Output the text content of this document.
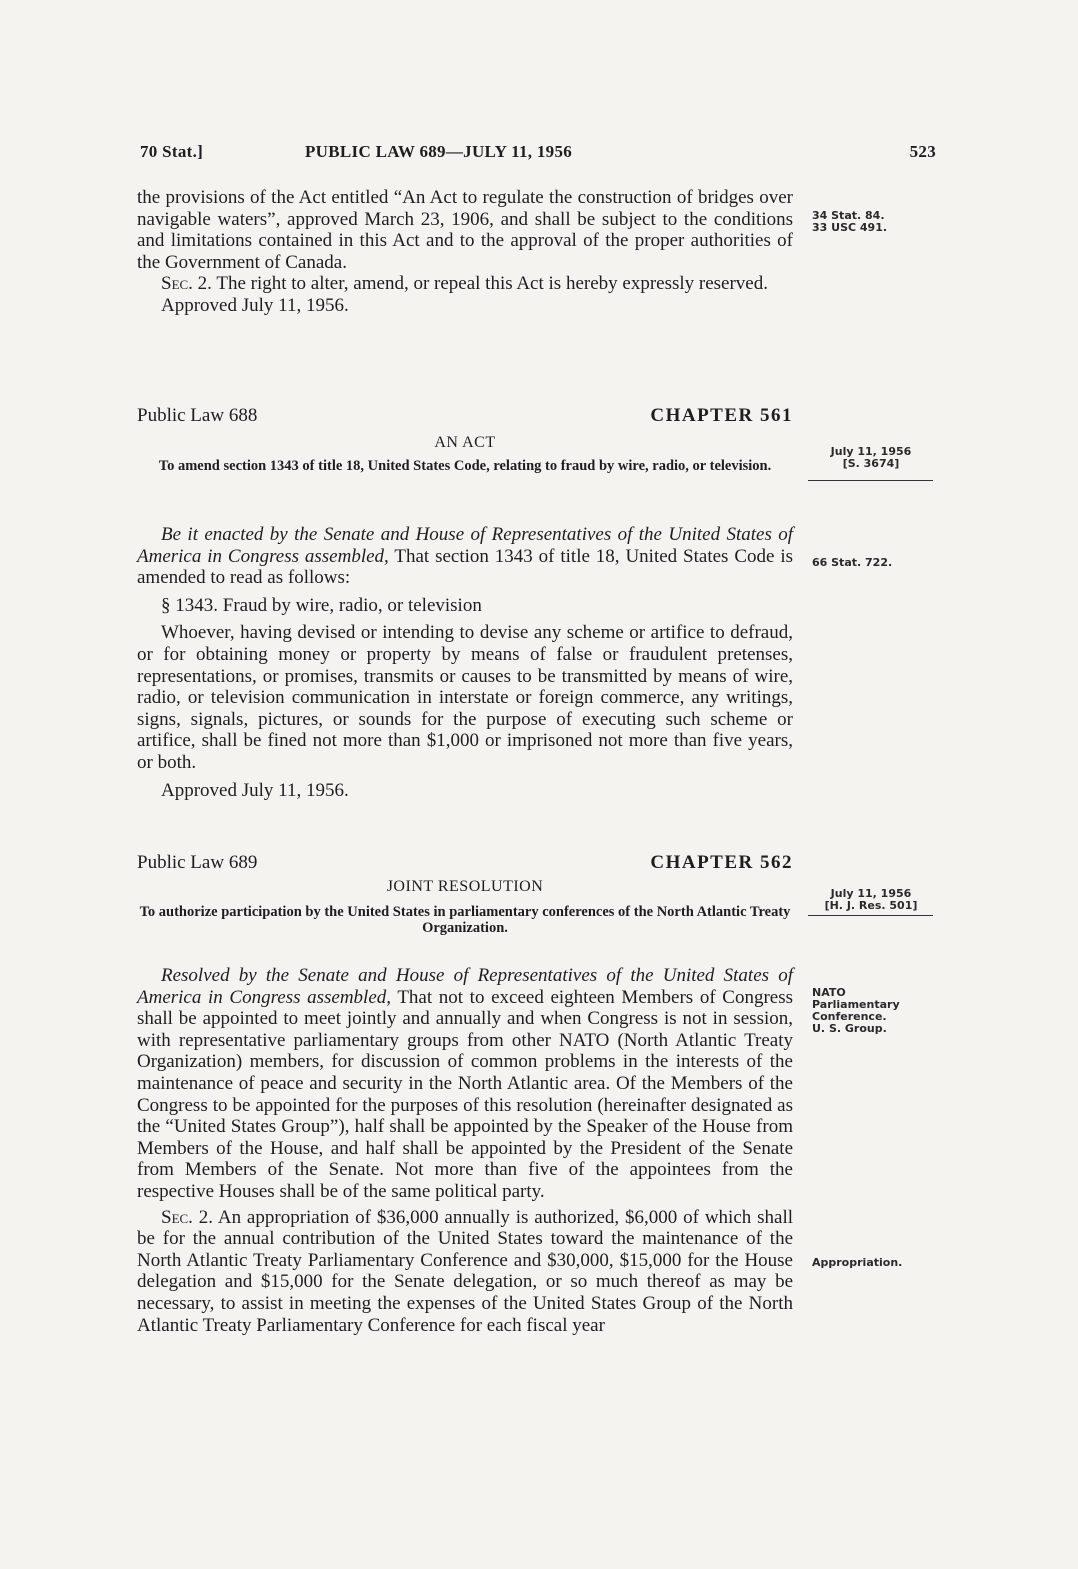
70 Stat.]	PUBLIC LAW 689—JULY 11, 1956	523

the provisions of the Act entitled “An Act to regulate the construction of bridges over navigable waters”, approved March 23, 1906, and shall be subject to the conditions and limitations contained in this Act and to the approval of the proper authorities of the Government of Canada.

Sec. 2. The right to alter, amend, or repeal this Act is hereby expressly reserved.

Approved July 11, 1956.

34 Stat. 84.
33 USC 491.
Public Law 688	CHAPTER 561
AN ACT
To amend section 1343 of title 18, United States Code, relating to fraud by wire, radio, or television.
July 11, 1956
[S. 3674]

Be it enacted by the Senate and House of Representatives of the United States of America in Congress assembled, That section 1343 of title 18, United States Code is amended to read as follows:

§ 1343. Fraud by wire, radio, or television

Whoever, having devised or intending to devise any scheme or artifice to defraud, or for obtaining money or property by means of false or fraudulent pretenses, representations, or promises, transmits or causes to be transmitted by means of wire, radio, or television communication in interstate or foreign commerce, any writings, signs, signals, pictures, or sounds for the purpose of executing such scheme or artifice, shall be fined not more than $1,000 or imprisoned not more than five years, or both.

Approved July 11, 1956.

66 Stat. 722.
Public Law 689	CHAPTER 562
JOINT RESOLUTION
To authorize participation by the United States in parliamentary conferences of the North Atlantic Treaty Organization.
July 11, 1956
[H. J. Res. 501]

Resolved by the Senate and House of Representatives of the United States of America in Congress assembled, That not to exceed eighteen Members of Congress shall be appointed to meet jointly and annually and when Congress is not in session, with representative parliamentary groups from other NATO (North Atlantic Treaty Organization) members, for discussion of common problems in the interests of the maintenance of peace and security in the North Atlantic area. Of the Members of the Congress to be appointed for the purposes of this resolution (hereinafter designated as the “United States Group”), half shall be appointed by the Speaker of the House from Members of the House, and half shall be appointed by the President of the Senate from Members of the Senate. Not more than five of the appointees from the respective Houses shall be of the same political party.

Sec. 2. An appropriation of $36,000 annually is authorized, $6,000 of which shall be for the annual contribution of the United States toward the maintenance of the North Atlantic Treaty Parliamentary Conference and $30,000, $15,000 for the House delegation and $15,000 for the Senate delegation, or so much thereof as may be necessary, to assist in meeting the expenses of the United States Group of the North Atlantic Treaty Parliamentary Conference for each fiscal year

NATO Parliamentary Conference.
U. S. Group.
Appropriation.
